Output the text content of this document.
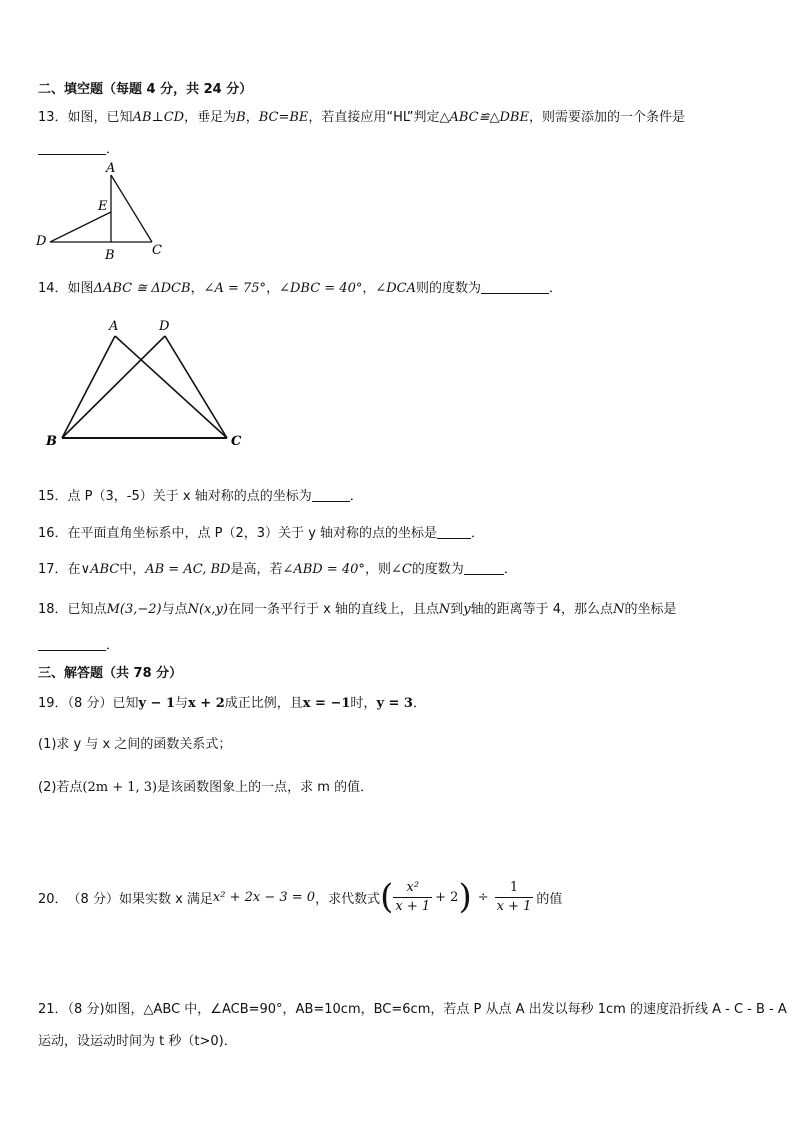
二、填空题（每题 4 分，共 24 分）
13．如图，已知AB⊥CD，垂足为B，BC=BE，若直接应用“HL”判定△ABC≌△DBE，则需要添加的一个条件是
．
A
E
D
B	C
14．如图ΔABC ≅ ΔDCB，∠A = 75°，∠DBC = 40°，∠DCA则的度数为	．
A	D
B	C
15．点 P（3，-5）关于 x 轴对称的点的坐标为	．
16．在平面直角坐标系中，点 P（2，3）关于 y 轴对称的点的坐标是	．
17．在∨ABC中，AB = AC, BD是高，若∠ABD = 40°，则∠C的度数为	．
18．已知点M(3,−2)与点N(x,y)在同一条平行于 x 轴的直线上，且点N到y轴的距离等于 4，那么点N的坐标是
．
三、解答题（共 78 分）
19．（8 分）已知y − 1与x + 2成正比例，且x = −1时，y = 3．
(1)求 y 与 x 之间的函数关系式；
(2)若点(2m + 1, 3)是该函数图象上的一点，求 m 的值．
20． （8 分）如果实数 x 满足 x² + 2x − 3 = 0 ，求代数式 ( $\frac{\text{x²}}{x + 1} + 2$ ) ÷ $\frac{1}{x + 1}$ 的值
21．（8 分)如图，△ABC 中，∠ACB=90°，AB=10cm，BC=6cm，若点 P 从点 A 出发以每秒 1cm 的速度沿折线 A - C - B - A
运动，设运动时间为 t 秒（t>0)．
